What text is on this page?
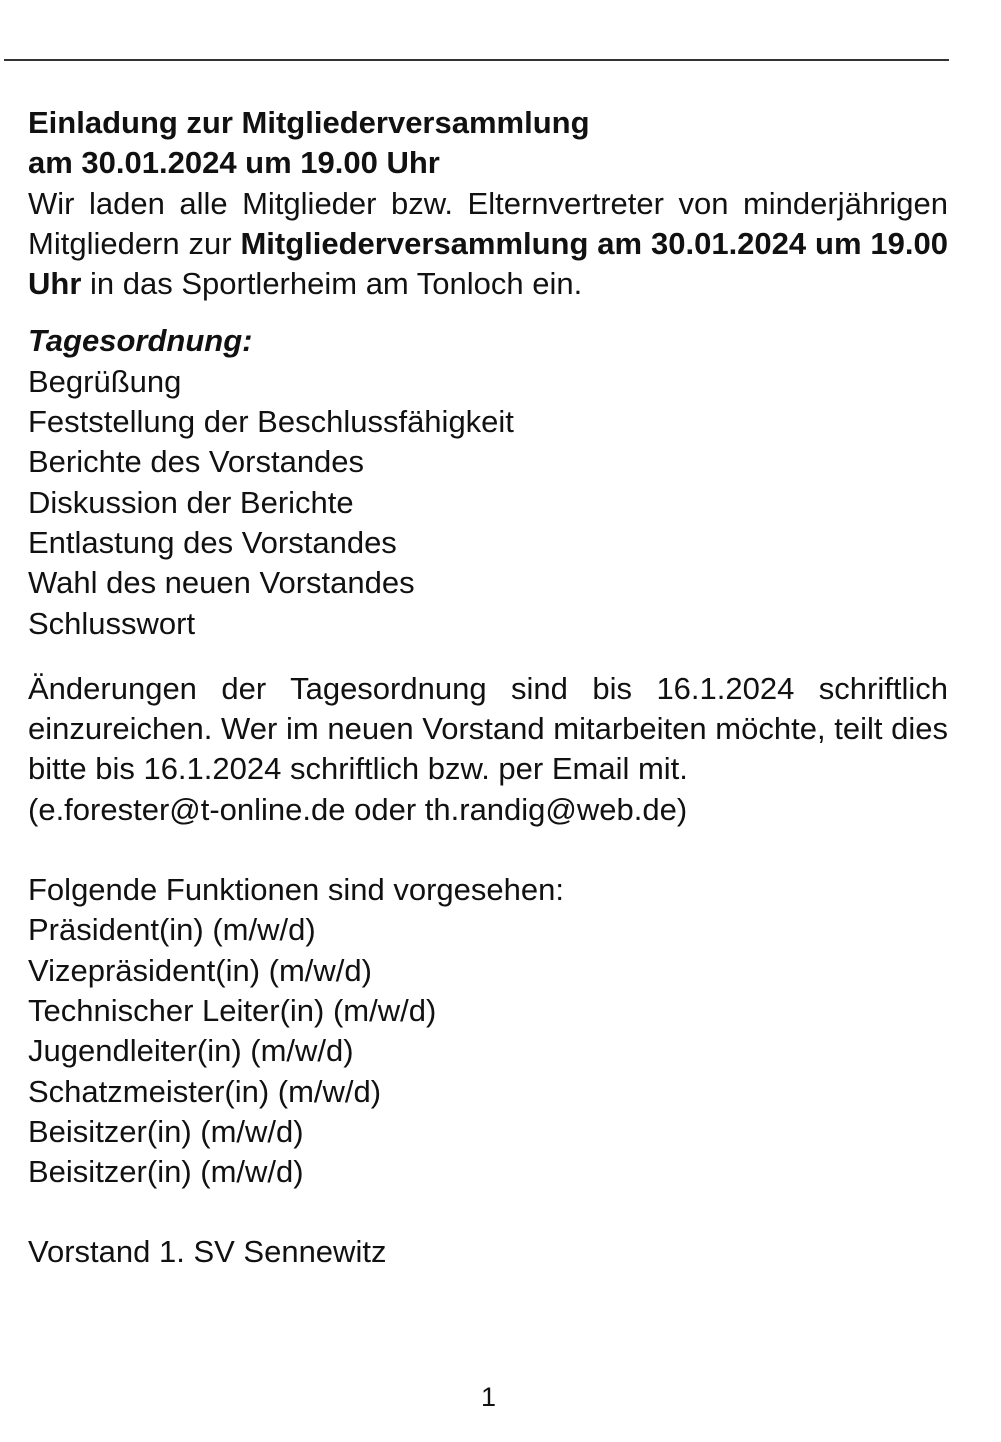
Einladung zur Mitgliederversammlung
am 30.01.2024 um 19.00 Uhr
Wir laden alle Mitglieder bzw. Elternvertreter von minderjährigen Mitgliedern zur Mitgliederversammlung am 30.01.2024 um 19.00 Uhr in das Sportlerheim am Tonloch ein.
Tagesordnung:
Begrüßung
Feststellung der Beschlussfähigkeit
Berichte des Vorstandes
Diskussion der Berichte
Entlastung des Vorstandes
Wahl des neuen Vorstandes
Schlusswort
Änderungen der Tagesordnung sind bis 16.1.2024 schriftlich einzureichen. Wer im neuen Vorstand mitarbeiten möchte, teilt dies bitte bis 16.1.2024 schriftlich bzw. per Email mit.
(e.forester@t-online.de oder th.randig@web.de)
Folgende Funktionen sind vorgesehen:
Präsident(in) (m/w/d)
Vizepräsident(in) (m/w/d)
Technischer Leiter(in) (m/w/d)
Jugendleiter(in) (m/w/d)
Schatzmeister(in) (m/w/d)
Beisitzer(in) (m/w/d)
Beisitzer(in) (m/w/d)
Vorstand 1. SV Sennewitz
1
